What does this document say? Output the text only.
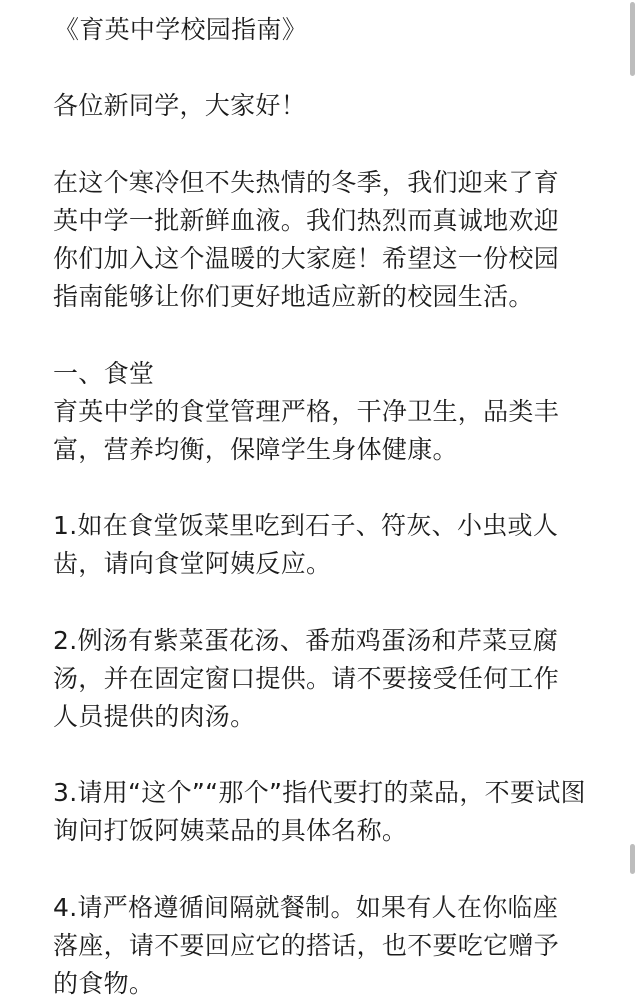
《育英中学校园指南》

各位新同学，大家好！

在这个寒冷但不失热情的冬季，我们迎来了育

英中学一批新鲜血液。我们热烈而真诚地欢迎

你们加入这个温暖的大家庭！希望这一份校园

指南能够让你们更好地适应新的校园生活。

一、食堂

育英中学的食堂管理严格，干净卫生，品类丰

富，营养均衡，保障学生身体健康。

1.如在食堂饭菜里吃到石子、符灰、小虫或人

齿，请向食堂阿姨反应。

2.例汤有紫菜蛋花汤、番茄鸡蛋汤和芹菜豆腐

汤，并在固定窗口提供。请不要接受任何工作

人员提供的肉汤。

3.请用“这个”“那个”指代要打的菜品，不要试图

询问打饭阿姨菜品的具体名称。

4.请严格遵循间隔就餐制。如果有人在你临座

落座，请不要回应它的搭话，也不要吃它赠予

的食物。
